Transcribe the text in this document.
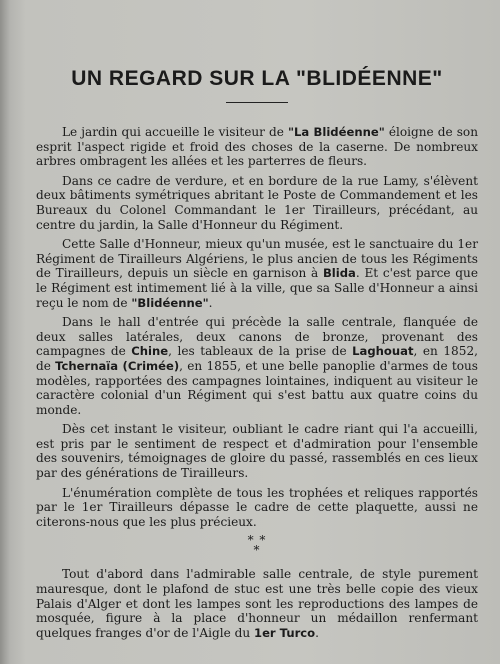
UN REGARD SUR LA "BLIDÉENNE"

Le jardin qui accueille le visiteur de "La Blidéenne" éloigne de son esprit l'aspect rigide et froid des choses de la caserne. De nombreux arbres ombragent les allées et les parterres de fleurs.

Dans ce cadre de verdure, et en bordure de la rue Lamy, s'élèvent deux bâtiments symétriques abritant le Poste de Commandement et les Bureaux du Colonel Commandant le 1er Tirailleurs, précédant, au centre du jardin, la Salle d'Honneur du Régiment.

Cette Salle d'Honneur, mieux qu'un musée, est le sanctuaire du 1er Régiment de Tirailleurs Algériens, le plus ancien de tous les Régiments de Tirailleurs, depuis un siècle en garnison à Blida. Et c'est parce que le Régiment est intimement lié à la ville, que sa Salle d'Honneur a ainsi reçu le nom de "Blidéenne".

Dans le hall d'entrée qui précède la salle centrale, flanquée de deux salles latérales, deux canons de bronze, provenant des campagnes de Chine, les tableaux de la prise de Laghouat, en 1852, de Tchernaïa (Crimée), en 1855, et une belle panoplie d'armes de tous modèles, rapportées des campagnes lointaines, indiquent au visiteur le caractère colonial d'un Régiment qui s'est battu aux quatre coins du monde.

Dès cet instant le visiteur, oubliant le cadre riant qui l'a accueilli, est pris par le sentiment de respect et d'admiration pour l'ensemble des souvenirs, témoignages de gloire du passé, rassemblés en ces lieux par des générations de Tirailleurs.

L'énumération complète de tous les trophées et reliques rapportés par le 1er Tirailleurs dépasse le cadre de cette plaquette, aussi ne citerons-nous que les plus précieux.

* *
*

Tout d'abord dans l'admirable salle centrale, de style purement mauresque, dont le plafond de stuc est une très belle copie des vieux Palais d'Alger et dont les lampes sont les reproductions des lampes de mosquée, figure à la place d'honneur un médaillon renfermant quelques franges d'or de l'Aigle du 1er Turco.
